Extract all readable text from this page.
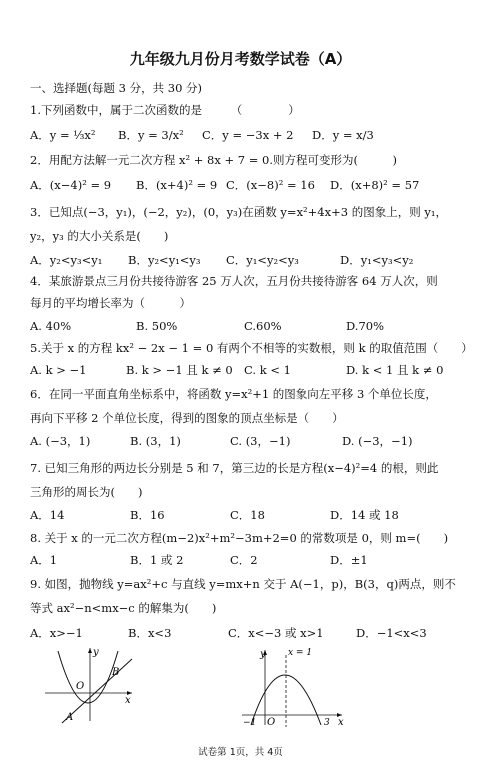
九年级九月份月考数学试卷（A）
一、选择题(每题 3 分，共 30 分)
1.下列函数中，属于二次函数的是　　　（　　　　）
A．y = ⅓x² B．y = 3/x² C．y = −3x + 2 D．y = x/3
2．用配方法解一元二次方程 x² + 8x + 7 = 0.则方程可变形为(　　　)
A．(x−4)² = 9 B．(x+4)² = 9 C．(x−8)² = 16 D．(x+8)² = 57
3．已知点(−3，y₁)，(−2，y₂)，(0，y₃)在函数 y=x²+4x+3 的图象上，则 y₁，
y₂，y₃ 的大小关系是(　　)
A．y₂<y₃<y₁ B．y₂<y₁<y₃ C．y₁<y₂<y₃	D．y₁<y₃<y₂
4．某旅游景点三月份共接待游客 25 万人次，五月份共接待游客 64 万人次，则
每月的平均增长率为（　　　）
A. 40%	B. 50%	C.60%	D.70%
5.关于 x 的方程 kx² − 2x − 1 = 0 有两个不相等的实数根，则 k 的取值范围（　　）
A. k > −1	B. k > −1 且 k ≠ 0 C. k < 1	D. k < 1 且 k ≠ 0
6．在同一平面直角坐标系中，将函数 y=x²+1 的图象向左平移 3 个单位长度，
再向下平移 2 个单位长度，得到的图象的顶点坐标是（　　）
A. (−3，1)	B. (3，1)	C. (3，−1)	D. (−3，−1)
7. 已知三角形的两边长分别是 5 和 7，第三边的长是方程(x−4)²=4 的根，则此
三角形的周长为(　　)
A．14	B．16	C．18	D．14 或 18
8. 关于 x 的一元二次方程(m−2)x²+m²−3m+2=0 的常数项是 0，则 m=(　　)
A．1	B．1 或 2	C．2	D．±1
9. 如图，抛物线 y=ax²+c 与直线 y=mx+n 交于 A(−1，p)，B(3，q)两点，则不
等式 ax²−n<mx−c 的解集为(　　)
A．x>−1	B．x<3	C．x<−3 或 x>1	D．−1<x<3
y
x
O
A
B
y
x
x = 1
−1 O	3
试卷第 1页，共 4页
